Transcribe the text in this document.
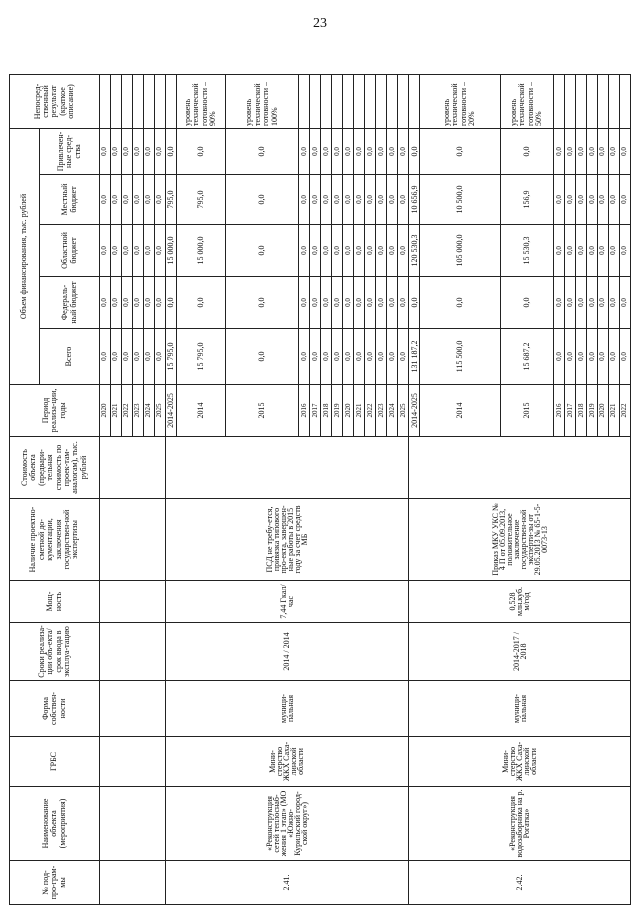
23
№ под-про-грам-мы	Наименование объекта (мероприятия)	ГРБС	Форма собствен-ности	Сроки реализа-ции объ-екта/срок ввода в эксплуа-тацию	Мощ-ность	Наличие проектно-сметной до-кументации, заключения государствен-ной экспертизы	Стоимость объекта (предвари-тельная стоимость по проек-там-аналогам), тыс. рублей	Период реализа-ции, годы	Объем финансирования, тыс. рублей					Непосред-ственный результат (краткое описание)
									Всего	Федераль-ный бюджет	Областной бюджет	Местный бюджет	Привлечен-ные сред-ства	
								2020	0,0	0,0	0,0	0,0	0,0	
								2021	0,0	0,0	0,0	0,0	0,0	
								2022	0,0	0,0	0,0	0,0	0,0	
								2023	0,0	0,0	0,0	0,0	0,0	
								2024	0,0	0,0	0,0	0,0	0,0	
								2025	0,0	0,0	0,0	0,0	0,0	
2.41.	«Реконструкция сетей теплоснаб-жения 1 этап» (МО «Южно-Курильский город-ской округ»)	Мини-стерство ЖКХ Саха-линской области	муници-пальная	2014 / 2014	7,44 Гкал/час	ПСД не требу-ется, привязка типового про-екта, завершен-ные работы в 2015 году за счет средств МБ		2014-2025	15 795,0	0,0	15 000,0	795,0	0,0	
								2014	15 795,0	0,0	15 000,0	795,0	0,0	уровень технической готовности – 90%
								2015	0,0	0,0	0,0	0,0	0,0	уровень технической готовности – 100%
								2016	0,0	0,0	0,0	0,0	0,0	
								2017	0,0	0,0	0,0	0,0	0,0	
								2018	0,0	0,0	0,0	0,0	0,0	
								2019	0,0	0,0	0,0	0,0	0,0	
								2020	0,0	0,0	0,0	0,0	0,0	
								2021	0,0	0,0	0,0	0,0	0,0	
								2022	0,0	0,0	0,0	0,0	0,0	
								2023	0,0	0,0	0,0	0,0	0,0	
								2024	0,0	0,0	0,0	0,0	0,0	
								2025	0,0	0,0	0,0	0,0	0,0	
2.42.	«Реконструкция водозаборника на р. Рогатка»	Мини-стерство ЖКХ Саха-линской области	муници-пальная	2014-2017 / 2018	0,528 млн.куб. м/год	Приказ МКУ УКС № 4 П от 05.09.2013, положительное заключение государствен-ной эксперти-зы от 29.05.2013 № 65-1-5-0073-13		2014-2025	131 187,2	0,0	120 530,3	10 656,9	0,0	
								2014	115 500,0	0,0	105 000,0	10 500,0	0,0	уровень технической готовности – 20%
								2015	15 687,2	0,0	15 530,3	156,9	0,0	уровень технической готовности – 50%
								2016	0,0	0,0	0,0	0,0	0,0	
								2017	0,0	0,0	0,0	0,0	0,0	
								2018	0,0	0,0	0,0	0,0	0,0	
								2019	0,0	0,0	0,0	0,0	0,0	
								2020	0,0	0,0	0,0	0,0	0,0	
								2021	0,0	0,0	0,0	0,0	0,0	
								2022	0,0	0,0	0,0	0,0	0,0	
